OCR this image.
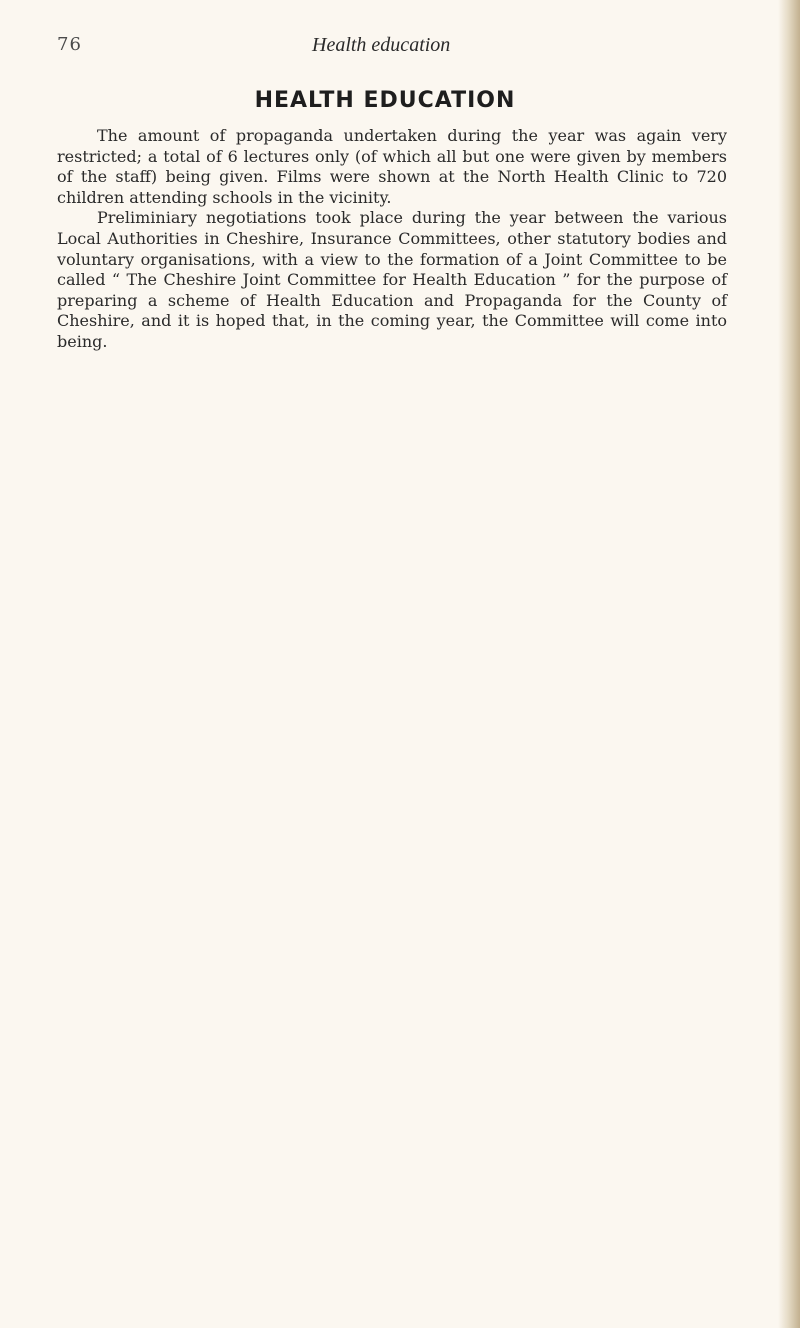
76	Health education
HEALTH EDUCATION

The amount of propaganda undertaken during the year was again very restricted; a total of 6 lectures only (of which all but one were given by members of the staff) being given. Films were shown at the North Health Clinic to 720 children attending schools in the vicinity.

Preliminiary negotiations took place during the year between the various Local Authorities in Cheshire, Insurance Committees, other statutory bodies and voluntary organisations, with a view to the formation of a Joint Committee to be called “ The Cheshire Joint Committee for Health Education ” for the purpose of preparing a scheme of Health Education and Propaganda for the County of Cheshire, and it is hoped that, in the coming year, the Committee will come into being.
